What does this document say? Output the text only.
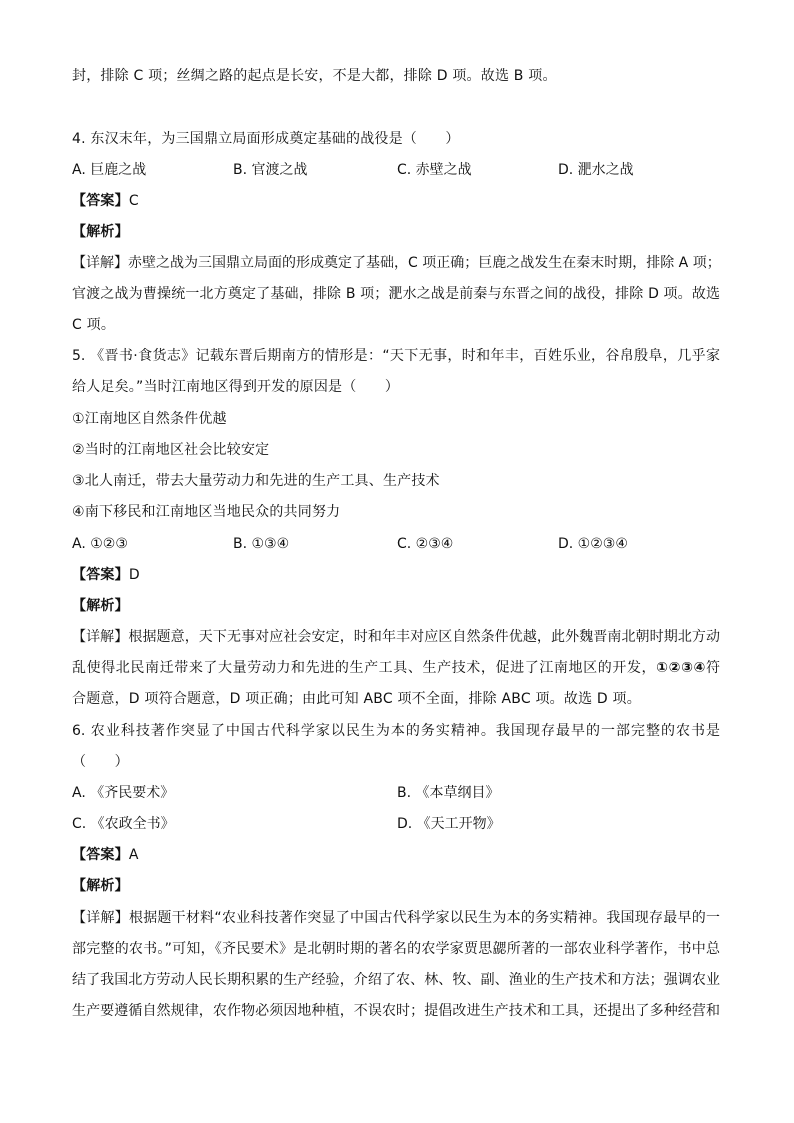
封，排除 C 项；丝绸之路的起点是长安，不是大都，排除 D 项。故选 B 项。
4. 东汉末年，为三国鼎立局面形成奠定基础的战役是（　　）
A. 巨鹿之战	B. 官渡之战	C. 赤壁之战	D. 淝水之战
【答案】C
【解析】
【详解】赤壁之战为三国鼎立局面的形成奠定了基础，C 项正确；巨鹿之战发生在秦末时期，排除 A 项；
官渡之战为曹操统一北方奠定了基础，排除 B 项；淝水之战是前秦与东晋之间的战役，排除 D 项。故选
C 项。
5. 《晋书·食货志》记载东晋后期南方的情形是：“天下无事，时和年丰，百姓乐业，谷帛殷阜，几乎家
给人足矣。”当时江南地区得到开发的原因是（　　）
①江南地区自然条件优越
②当时的江南地区社会比较安定
③北人南迁，带去大量劳动力和先进的生产工具、生产技术
④南下移民和江南地区当地民众的共同努力
A. ①②③	B. ①③④	C. ②③④	D. ①②③④
【答案】D
【解析】
【详解】根据题意，天下无事对应社会安定，时和年丰对应区自然条件优越，此外魏晋南北朝时期北方动
乱使得北民南迁带来了大量劳动力和先进的生产工具、生产技术，促进了江南地区的开发，①②③④符
合题意，D 项符合题意，D 项正确；由此可知 ABC 项不全面，排除 ABC 项。故选 D 项。
6. 农业科技著作突显了中国古代科学家以民生为本的务实精神。我国现存最早的一部完整的农书是
（　　）
A. 《齐民要术》	B. 《本草纲目》
C. 《农政全书》	D. 《天工开物》
【答案】A
【解析】
【详解】根据题干材料“农业科技著作突显了中国古代科学家以民生为本的务实精神。我国现存最早的一
部完整的农书。”可知，《齐民要术》是北朝时期的著名的农学家贾思勰所著的一部农业科学著作，书中总
结了我国北方劳动人民长期积累的生产经验，介绍了农、林、牧、副、渔业的生产技术和方法；强调农业
生产要遵循自然规律，农作物必须因地种植，不误农时；提倡改进生产技术和工具，还提出了多种经营和
